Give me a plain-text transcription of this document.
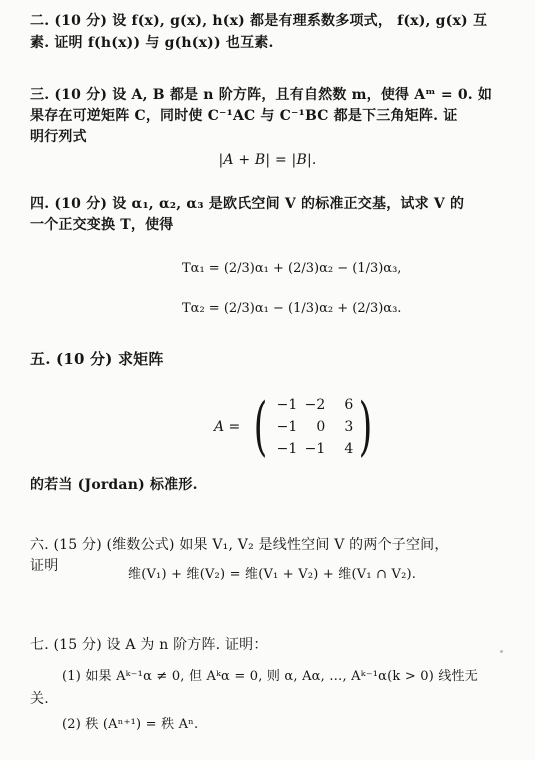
二. (10 分) 设 f(x), g(x), h(x) 都是有理系数多项式， f(x), g(x) 互
素. 证明 f(h(x)) 与 g(h(x)) 也互素.
三. (10 分) 设 A, B 都是 n 阶方阵，且有自然数 m，使得 Aᵐ = 0. 如
果存在可逆矩阵 C，同时使 C⁻¹AC 与 C⁻¹BC 都是下三角矩阵. 证
明行列式
|A + B| = |B|.
四. (10 分) 设 α₁, α₂, α₃ 是欧氏空间 V 的标准正交基，试求 V 的
一个正交变换 T，使得
Tα₁ = (2/3)α₁ + (2/3)α₂ − (1/3)α₃,
Tα₂ = (2/3)α₁ − (1/3)α₂ + (2/3)α₃.
五. (10 分) 求矩阵
A = ( −1 −2	6
−1	0	3
−1 −1	4 )
的若当 (Jordan) 标准形.
六. (15 分) (维数公式) 如果 V₁, V₂ 是线性空间 V 的两个子空间，
证明
维(V₁) + 维(V₂) = 维(V₁ + V₂) + 维(V₁ ∩ V₂).
七. (15 分) 设 A 为 n 阶方阵. 证明：
(1) 如果 Aᵏ⁻¹α ≠ 0, 但 Aᵏα = 0, 则 α, Aα, …, Aᵏ⁻¹α(k > 0) 线性无
关.
(2) 秩 (Aⁿ⁺¹) = 秩 Aⁿ.
